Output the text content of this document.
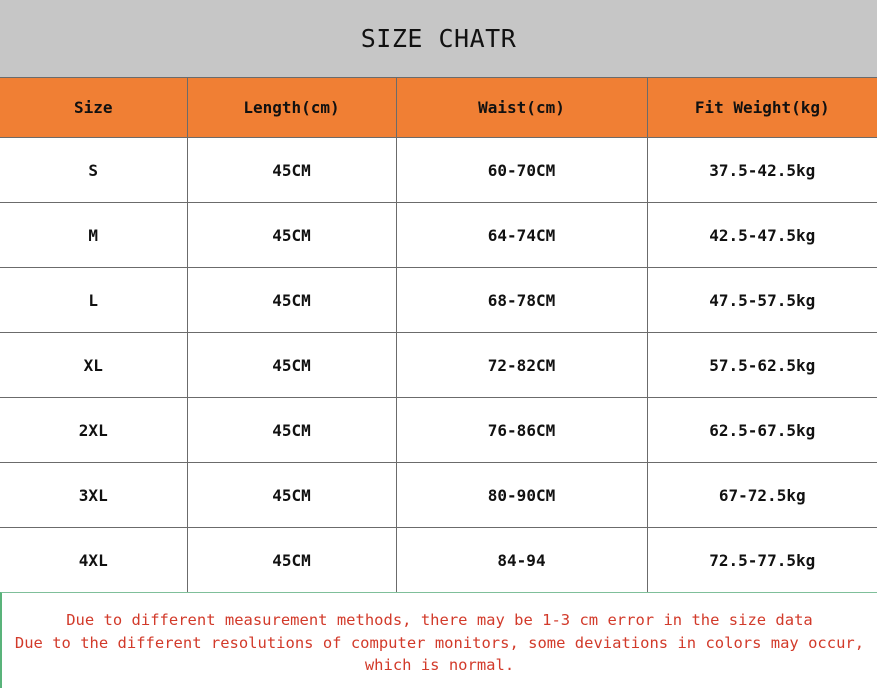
SIZE CHATR
Size	Length(cm)	Waist(cm)	Fit Weight(kg)
S	45CM	60-70CM	37.5-42.5kg
M	45CM	64-74CM	42.5-47.5kg
L	45CM	68-78CM	47.5-57.5kg
XL	45CM	72-82CM	57.5-62.5kg
2XL	45CM	76-86CM	62.5-67.5kg
3XL	45CM	80-90CM	67-72.5kg
4XL	45CM	84-94	72.5-77.5kg
Due to different measurement methods, there may be 1-3 cm error in the size data
Due to the different resolutions of computer monitors, some deviations in colors may occur,
which is normal.
